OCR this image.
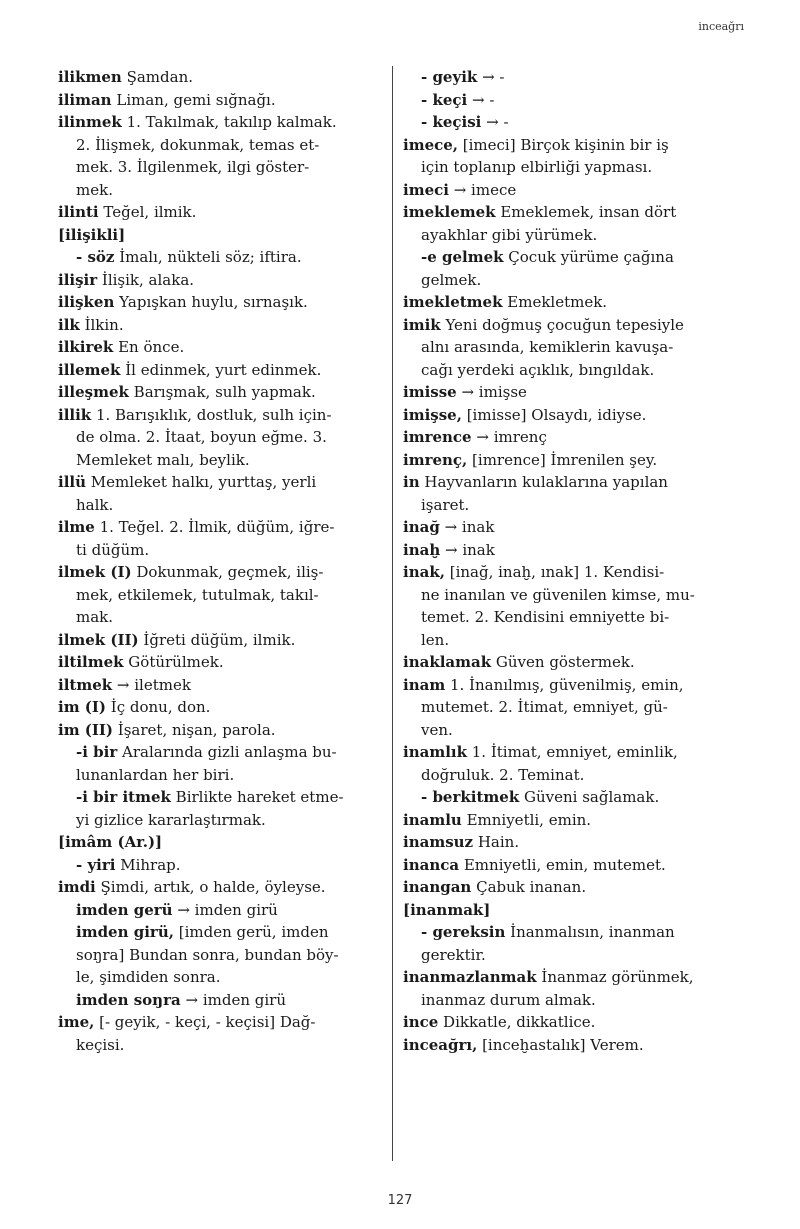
inceağrı
ilikmen Şamdan.
iliman Liman, gemi sığnağı.
ilinmek 1. Takılmak, takılıp kalmak.
2. İlişmek, dokunmak, temas et-
mek. 3. İlgilenmek, ilgi göster-
mek.
ilinti Teğel, ilmik.
[ilişikli]
- söz İmalı, nükteli söz; iftira.
ilişir İlişik, alaka.
ilişken Yapışkan huylu, sırnaşık.
ilk İlkin.
ilkirek En önce.
illemek İl edinmek, yurt edinmek.
illeşmek Barışmak, sulh yapmak.
illik 1. Barışıklık, dostluk, sulh için-
de olma. 2. İtaat, boyun eğme. 3.
Memleket malı, beylik.
illü Memleket halkı, yurttaş, yerli
halk.
ilme 1. Teğel. 2. İlmik, düğüm, iğre-
ti düğüm.
ilmek (I) Dokunmak, geçmek, iliş-
mek, etkilemek, tutulmak, takıl-
mak.
ilmek (II) İğreti düğüm, ilmik.
iltilmek Götürülmek.
iltmek → iletmek
im (I) İç donu, don.
im (II) İşaret, nişan, parola.
-i bir Aralarında gizli anlaşma bu-
lunanlardan her biri.
-i bir itmek Birlikte hareket etme-
yi gizlice kararlaştırmak.
[imâm (Ar.)]
- yiri Mihrap.
imdi Şimdi, artık, o halde, öyleyse.
imden gerü → imden girü
imden girü, [imden gerü, imden
soŋra] Bundan sonra, bundan böy-
le, şimdiden sonra.
imden soŋra → imden girü
ime, [- geyik, - keçi, - keçisi] Dağ-
keçisi.
- geyik → -
- keçi → -
- keçisi → -
imece, [imeci] Birçok kişinin bir iş
için toplanıp elbirliği yapması.
imeci → imece
imeklemek Emeklemek, insan dört
ayakhlar gibi yürümek.
-e gelmek Çocuk yürüme çağına
gelmek.
imekletmek Emekletmek.
imik Yeni doğmuş çocuğun tepesiyle
alnı arasında, kemiklerin kavuşa-
cağı yerdeki açıklık, bıngıldak.
imisse → imişse
imişse, [imisse] Olsaydı, idiyse.
imrence → imrenç
imrenç, [imrence] İmrenilen şey.
in Hayvanların kulaklarına yapılan
işaret.
inağ → inak
inaḫ → inak
inak, [inağ, inaḫ, ınak] 1. Kendisi-
ne inanılan ve güvenilen kimse, mu-
temet. 2. Kendisini emniyette bi-
len.
inaklamak Güven göstermek.
inam 1. İnanılmış, güvenilmiş, emin,
mutemet. 2. İtimat, emniyet, gü-
ven.
inamlık 1. İtimat, emniyet, eminlik,
doğruluk. 2. Teminat.
- berkitmek Güveni sağlamak.
inamlu Emniyetli, emin.
inamsuz Hain.
inanca Emniyetli, emin, mutemet.
inangan Çabuk inanan.
[inanmak]
- gereksin İnanmalısın, inanman
gerektir.
inanmazlanmak İnanmaz görünmek,
inanmaz durum almak.
ince Dikkatle, dikkatlice.
inceağrı, [inceḫastalık] Verem.
127
